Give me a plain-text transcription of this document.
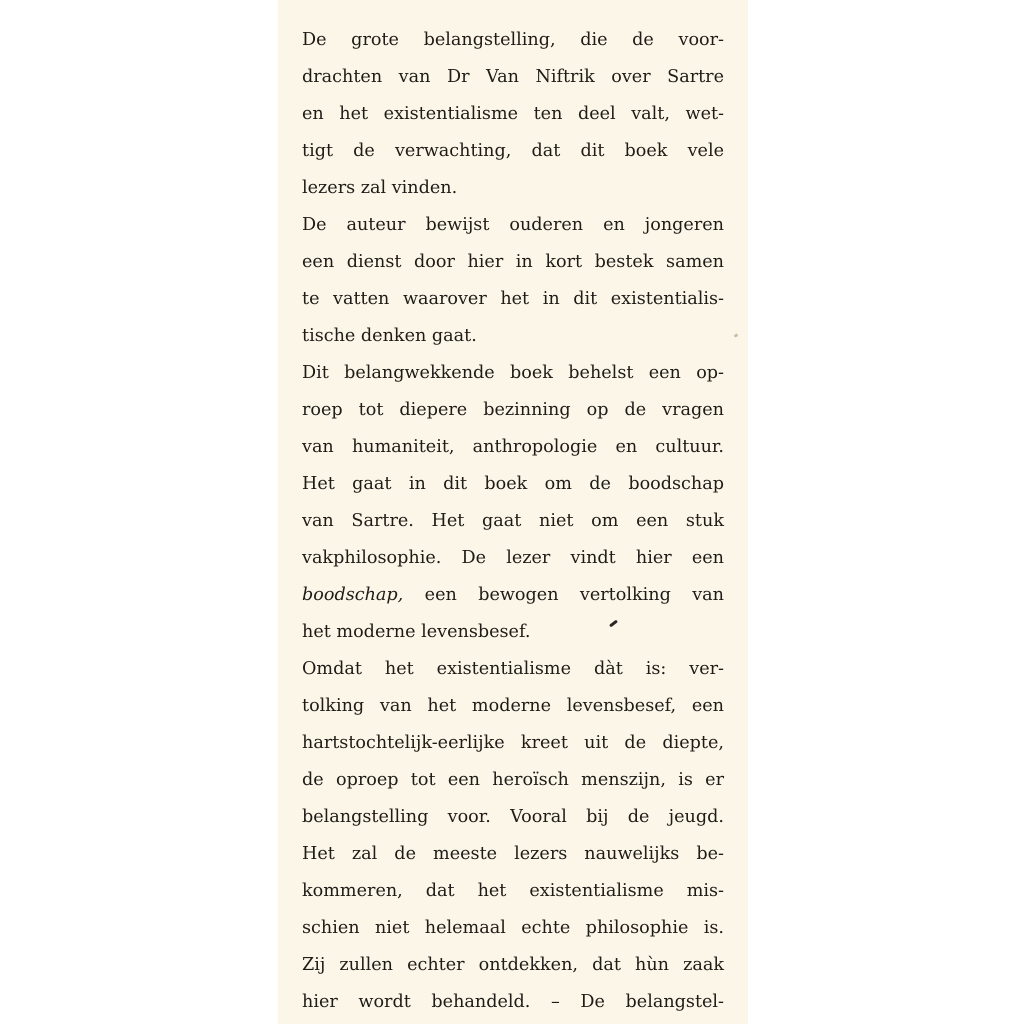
De grote belangstelling, die de voor-
drachten van Dr Van Niftrik over Sartre
en het existentialisme ten deel valt, wet-
tigt de verwachting, dat dit boek vele
lezers zal vinden.
De auteur bewijst ouderen en jongeren
een dienst door hier in kort bestek samen
te vatten waarover het in dit existentialis-
tische denken gaat.
Dit belangwekkende boek behelst een op-
roep tot diepere bezinning op de vragen
van humaniteit, anthropologie en cultuur.
Het gaat in dit boek om de boodschap
van Sartre. Het gaat niet om een stuk
vakphilosophie. De lezer vindt hier een
boodschap, een bewogen vertolking van
het moderne levensbesef.
Omdat het existentialisme dàt is: ver-
tolking van het moderne levensbesef, een
hartstochtelijk-eerlijke kreet uit de diepte,
de oproep tot een heroïsch menszijn, is er
belangstelling voor. Vooral bij de jeugd.
Het zal de meeste lezers nauwelijks be-
kommeren, dat het existentialisme mis-
schien niet helemaal echte philosophie is.
Zij zullen echter ontdekken, dat hùn zaak
hier wordt behandeld. – De belangstel-
